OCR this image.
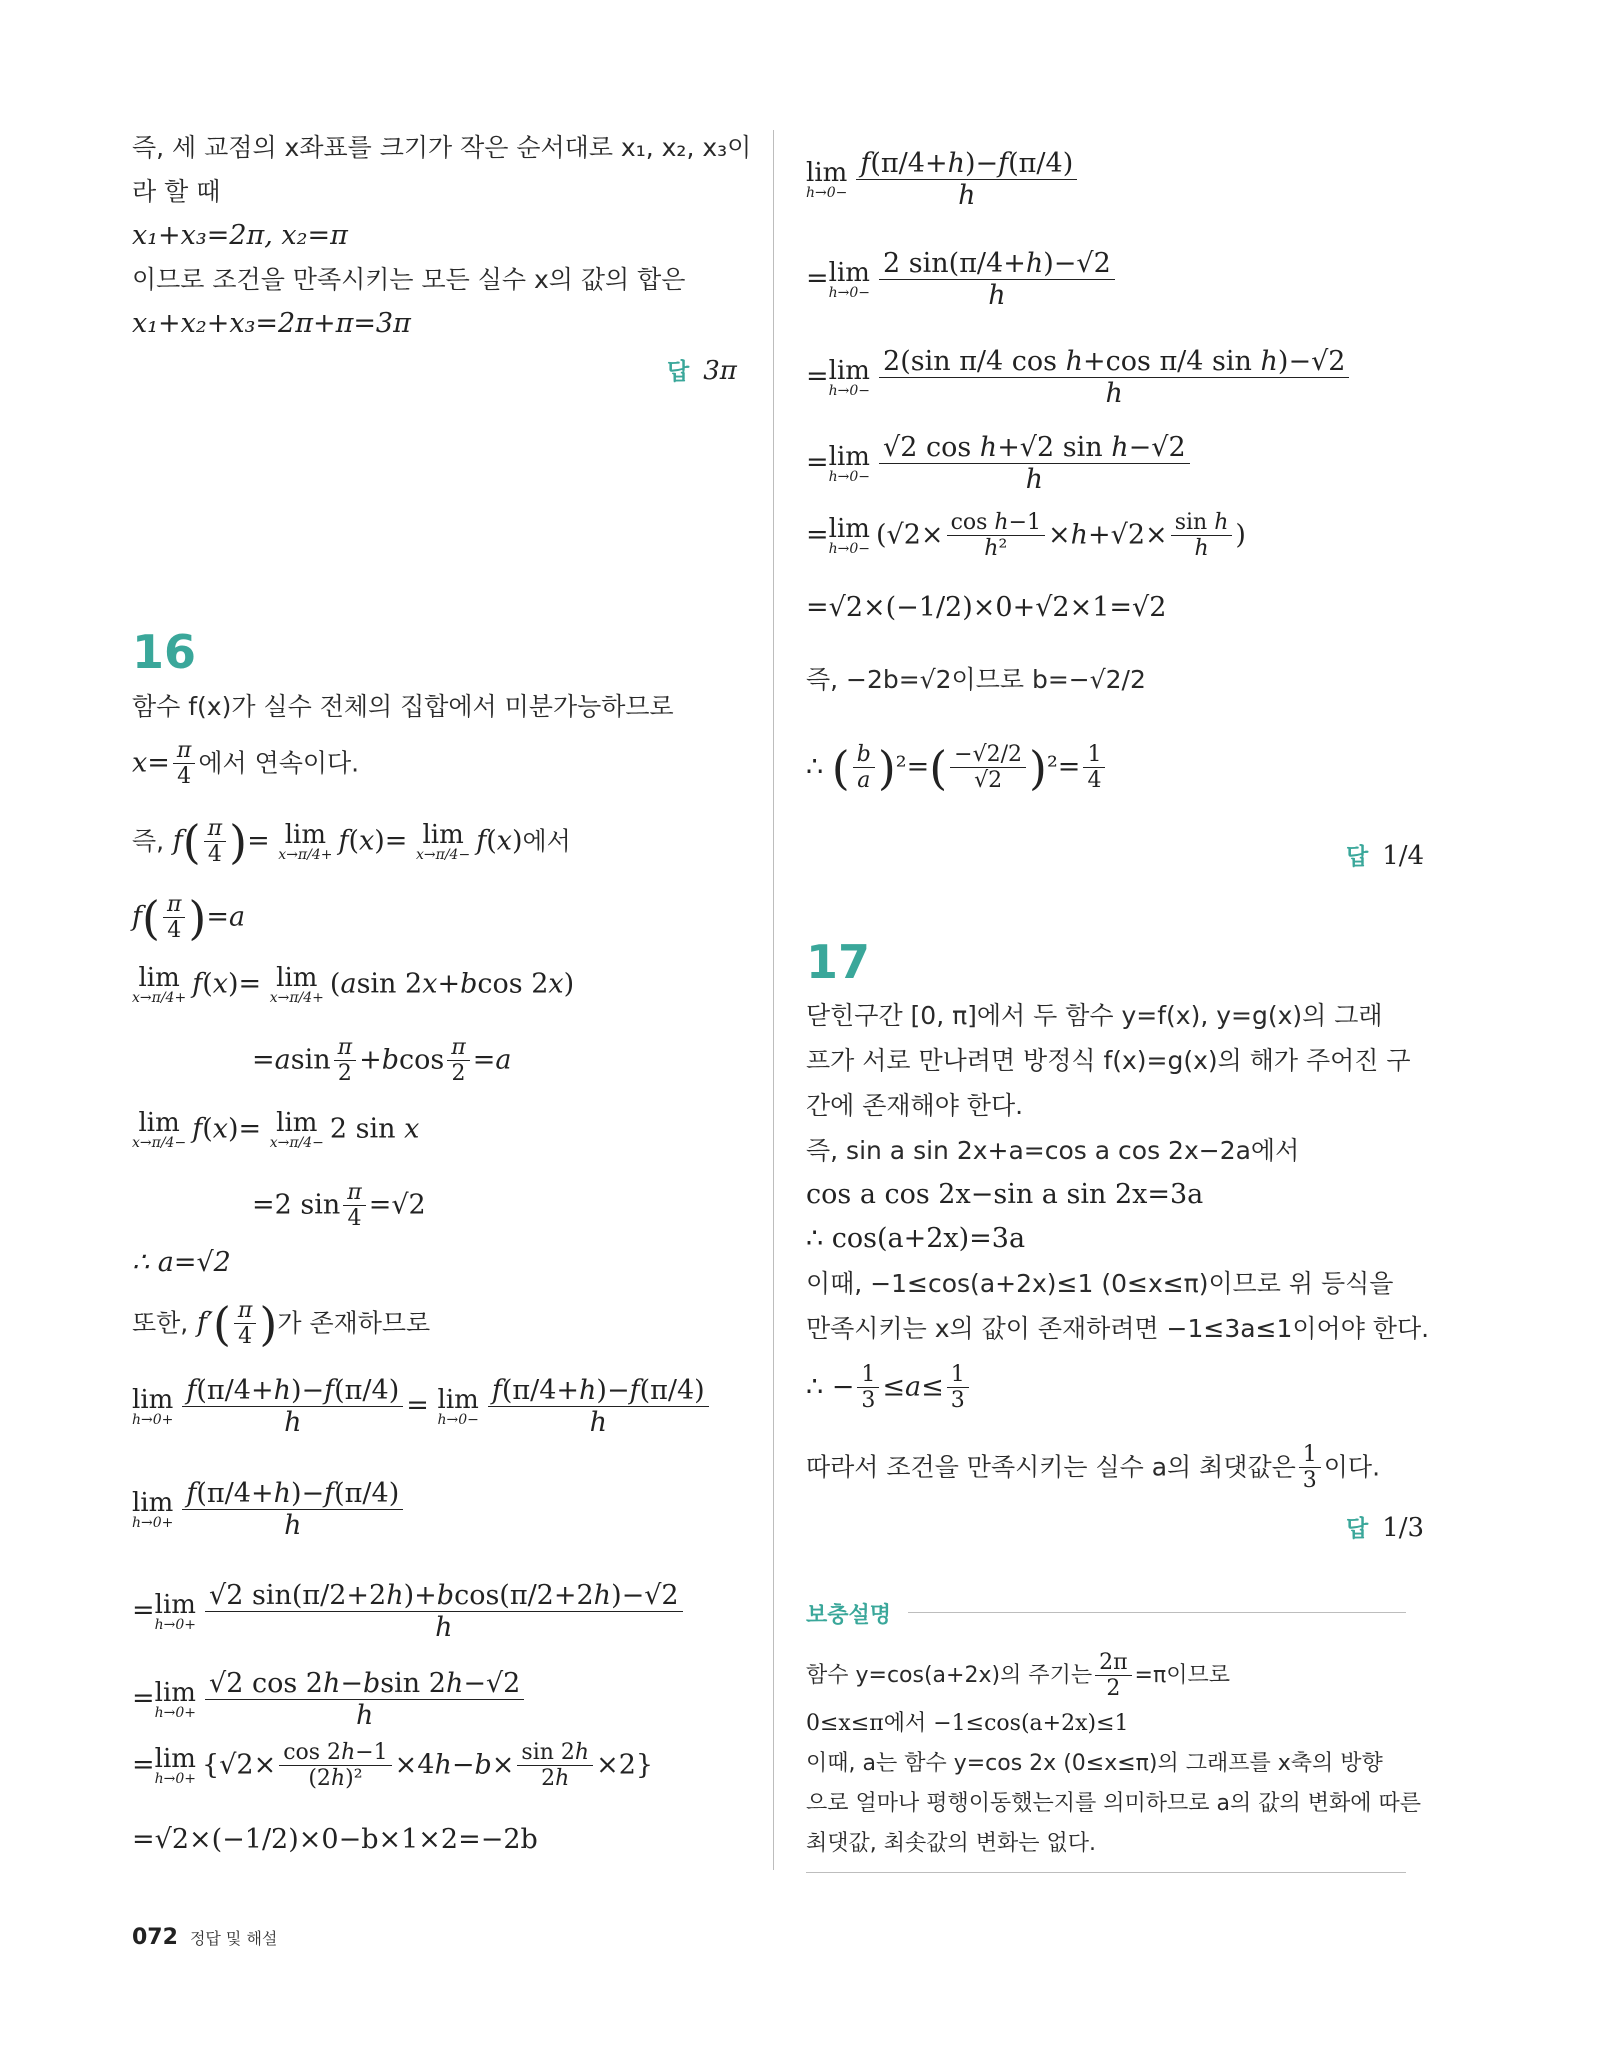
즉, 세 교점의 x좌표를 크기가 작은 순서대로 x₁, x₂, x₃이
라 할 때
x₁+x₃=2π, x₂=π
이므로 조건을 만족시키는 모든 실수 x의 값의 합은
x₁+x₂+x₃=2π+π=3π
답 3π
16
함수 f(x)가 실수 전체의 집합에서 미분가능하므로
$x= \frac{\pi}{4}$ 에서 연속이다.
즉, $f( \frac{\pi}{4}$ )= lim
x→π/4+ f(x)= lim
x→π/4− f(x)에서
$f( \frac{\pi}{4} )=a$
lim
x→π/4+ f(x)= lim
x→π/4+ (asin 2x+bcos 2x)
$=asin \frac{\pi}{2} +bcos \frac{\pi}{2} =a$
lim
x→π/4− f(x)= lim
x→π/4− 2 sin x
=2 $\sin \frac{\pi}{4} =√2$
∴ a=√2
또한, $f'( \frac{\pi}{4}$ )가 존재하므로
lim
$h\to 0+ \frac{f(\pi/4+h)-f(\pi/4)}{h} = \lim$
$h\to 0- \frac{f(\pi/4+h)-f(\pi/4)}{h}$
lim
$h\to 0+ \frac{f(\pi/4+h)-f(\pi/4)}{h}$
= lim
$h\to 0+ \frac{√2 \sin(\pi/2+2h)+bcos(\pi/2+2h)-√2}{h}$
= lim
$h\to 0+ \frac{√2 \cos 2h-bsin 2h-√2}{h}$
= lim
$h\to 0+ \{√2\times \frac{\cos 2h-1}{\text{(2h)²}} \times 4h-b\times \frac{\sin 2h}{2h} \times 2\}$
=√2×(−1/2)×0−b×1×2=−2b
lim
$h\to 0- \frac{f(\pi/4+h)-f(\pi/4)}{h}$
= lim
$h\to 0- \frac{2 \sin(\pi/4+h)-√2}{h}$
= lim
$h\to 0- \frac{\text{2(sin π/4 cos h+cos π/4 sin h)−√2}}{h}$
= lim
$h\to 0- \frac{\text{√2 cos h+√2 sin h−√2}}{h}$
= lim
$h\to 0- (√2\times \frac{\text{cos h−1}}{\text{h²}} \times h+√2\times \frac{\text{sin h}}{h}$ )
=√2×(−1/2)×0+√2×1=√2
즉, −2b=√2이므로 b=−√2/2
∴ ( $\frac{b}{a} )^2=( \frac{-√2/2}{√2} )^2= \frac{1}{4}$
답 1/4
17
닫힌구간 [0, π]에서 두 함수 y=f(x), y=g(x)의 그래
프가 서로 만나려면 방정식 f(x)=g(x)의 해가 주어진 구
간에 존재해야 한다.
즉, sin a sin 2x+a=cos a cos 2x−2a에서
cos a cos 2x−sin a sin 2x=3a
∴ cos(a+2x)=3a
이때, −1≤cos(a+2x)≤1 (0≤x≤π)이므로 위 등식을
만족시키는 x의 값이 존재하려면 −1≤3a≤1이어야 한다.
∴ − $\frac{1}{3} \le a\le \frac{1}{3}$
따라서 조건을 만족시키는 실수 a의 최댓값은 $\frac{1}{3}$ 이다.
답 1/3
보충설명
함수 y=cos(a+2x)의 주기는 $\frac{2\pi}{2} =\pi$이므로
0≤x≤π에서 −1≤cos(a+2x)≤1
이때, a는 함수 y=cos 2x (0≤x≤π)의 그래프를 x축의 방향
으로 얼마나 평행이동했는지를 의미하므로 a의 값의 변화에 따른
최댓값, 최솟값의 변화는 없다.
072 정답 및 해설
